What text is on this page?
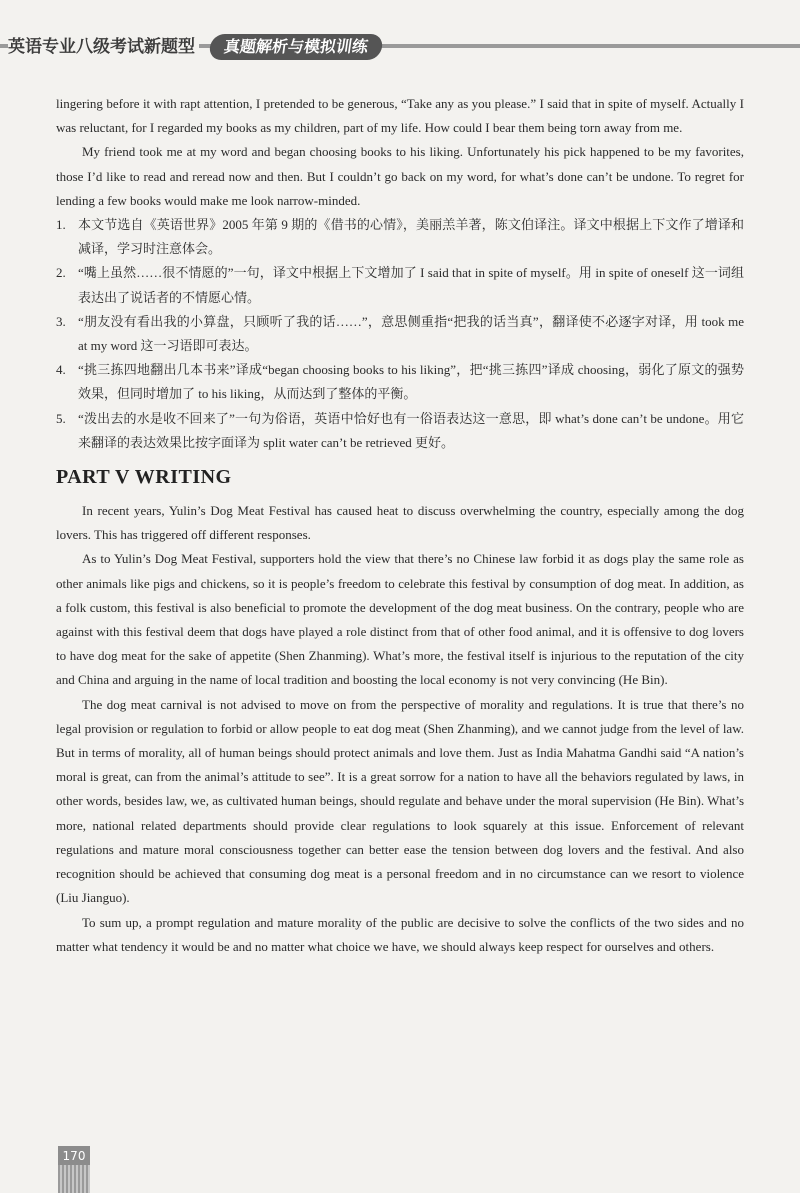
英语专业八级考试新题型	真题解析与模拟训练

lingering before it with rapt attention, I pretended to be generous, “Take any as you please.” I said that in spite of myself. Actually I was reluctant, for I regarded my books as my children, part of my life. How could I bear them being torn away from me.

My friend took me at my word and began choosing books to his liking. Unfortunately his pick happened to be my favorites, those I’d like to read and reread now and then. But I couldn’t go back on my word, for what’s done can’t be undone. To regret for lending a few books would make me look narrow-minded.

1. 本文节选自《英语世界》2005 年第 9 期的《借书的心情》，美丽羔羊著，陈文伯译注。译文中根据上下文作了增译和减译，学习时注意体会。
2. “嘴上虽然……很不情愿的”一句，译文中根据上下文增加了 I said that in spite of myself。用 in spite of oneself 这一词组表达出了说话者的不情愿心情。
3. “朋友没有看出我的小算盘，只顾听了我的话……”，意思侧重指“把我的话当真”，翻译使不必逐字对译，用 took me at my word 这一习语即可表达。
4. “挑三拣四地翻出几本书来”译成“began choosing books to his liking”，把“挑三拣四”译成 choosing，弱化了原文的强势效果，但同时增加了 to his liking，从而达到了整体的平衡。
5. “泼出去的水是收不回来了”一句为俗语，英语中恰好也有一俗语表达这一意思，即 what’s done can’t be undone。用它来翻译的表达效果比按字面译为 split water can’t be retrieved 更好。
PART V WRITING

In recent years, Yulin’s Dog Meat Festival has caused heat to discuss overwhelming the country, especially among the dog lovers. This has triggered off different responses.

As to Yulin’s Dog Meat Festival, supporters hold the view that there’s no Chinese law forbid it as dogs play the same role as other animals like pigs and chickens, so it is people’s freedom to celebrate this festival by consumption of dog meat. In addition, as a folk custom, this festival is also beneficial to promote the development of the dog meat business. On the contrary, people who are against with this festival deem that dogs have played a role distinct from that of other food animal, and it is offensive to dog lovers to have dog meat for the sake of appetite (Shen Zhanming). What’s more, the festival itself is injurious to the reputation of the city and China and arguing in the name of local tradition and boosting the local economy is not very convincing (He Bin).

The dog meat carnival is not advised to move on from the perspective of morality and regulations. It is true that there’s no legal provision or regulation to forbid or allow people to eat dog meat (Shen Zhanming), and we cannot judge from the level of law. But in terms of morality, all of human beings should protect animals and love them. Just as India Mahatma Gandhi said “A nation’s moral is great, can from the animal’s attitude to see”. It is a great sorrow for a nation to have all the behaviors regulated by laws, in other words, besides law, we, as cultivated human beings, should regulate and behave under the moral supervision (He Bin). What’s more, national related departments should provide clear regulations to look squarely at this issue. Enforcement of relevant regulations and mature moral consciousness together can better ease the tension between dog lovers and the festival. And also recognition should be achieved that consuming dog meat is a personal freedom and in no circumstance can we resort to violence (Liu Jianguo).

To sum up, a prompt regulation and mature morality of the public are decisive to solve the conflicts of the two sides and no matter what tendency it would be and no matter what choice we have, we should always keep respect for ourselves and others.

170
